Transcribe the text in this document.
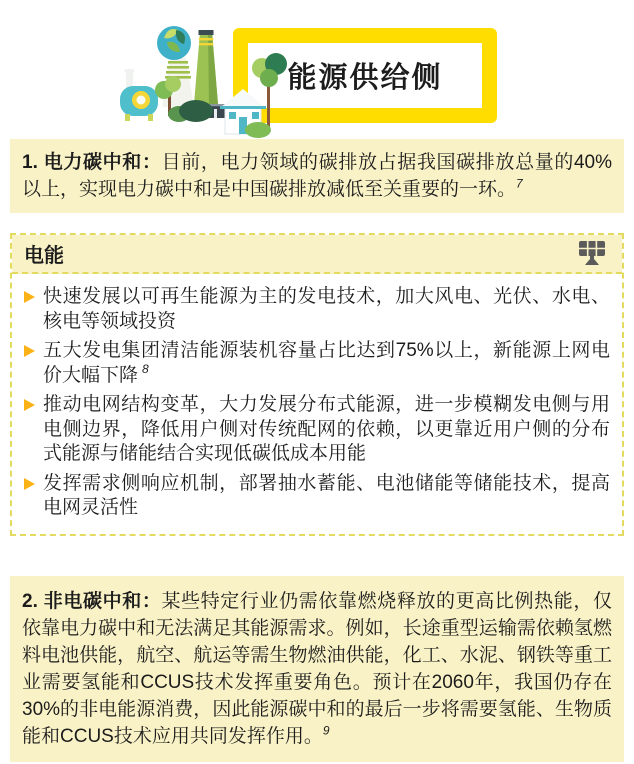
能源供给侧
1. 电力碳中和：目前，电力领域的碳排放占据我国碳排放总量的40%以上，实现电力碳中和是中国碳排放减低至关重要的一环。$^7$
电能
快速发展以可再生能源为主的发电技术，加大风电、光伏、水电、核电等领域投资
五大发电集团清洁能源装机容量占比达到75%以上，新能源上网电价大幅下降 $^8$
推动电网结构变革，大力发展分布式能源，进一步模糊发电侧与用电侧边界，降低用户侧对传统配网的依赖，以更靠近用户侧的分布式能源与储能结合实现低碳低成本用能
发挥需求侧响应机制，部署抽水蓄能、电池储能等储能技术，提高电网灵活性
2. 非电碳中和：某些特定行业仍需依靠燃烧释放的更高比例热能，仅依靠电力碳中和无法满足其能源需求。例如，长途重型运输需依赖氢燃料电池供能，航空、航运等需生物燃油供能，化工、水泥、钢铁等重工业需要氢能和CCUS技术发挥重要角色。预计在2060年，我国仍存在30%的非电能源消费，因此能源碳中和的最后一步将需要氢能、生物质能和CCUS技术应用共同发挥作用。$^9$
